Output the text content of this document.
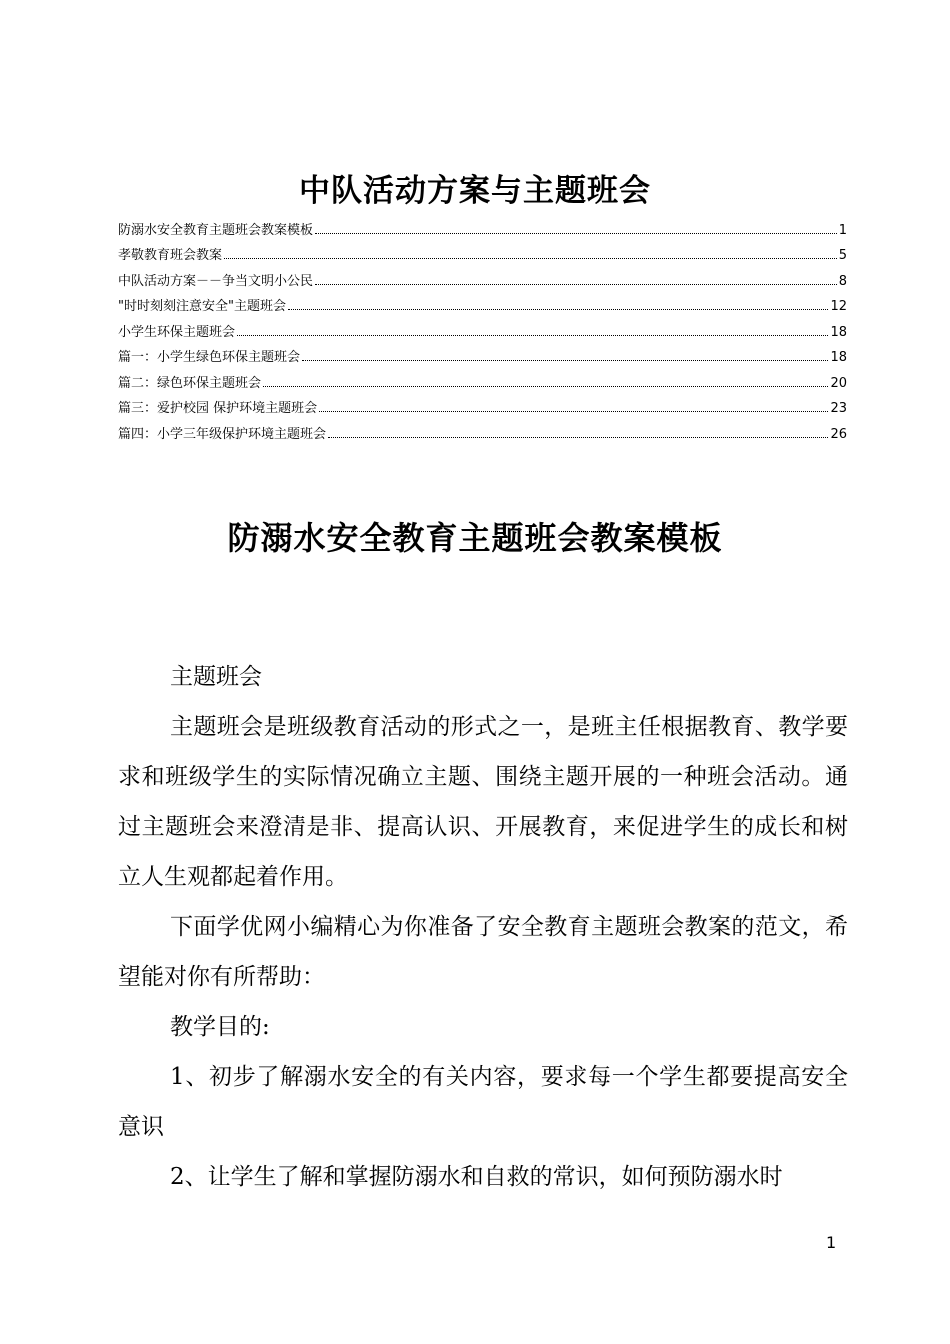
中队活动方案与主题班会
防溺水安全教育主题班会教案模板	1
孝敬教育班会教案	5
中队活动方案－－争当文明小公民	8
"时时刻刻注意安全"主题班会	12
小学生环保主题班会	18
篇一：小学生绿色环保主题班会	18
篇二：绿色环保主题班会	20
篇三：爱护校园 保护环境主题班会	23
篇四：小学三年级保护环境主题班会	26
防溺水安全教育主题班会教案模板

主题班会

主题班会是班级教育活动的形式之一，是班主任根据教育、教学要求和班级学生的实际情况确立主题、围绕主题开展的一种班会活动。通过主题班会来澄清是非、提高认识、开展教育，来促进学生的成长和树立人生观都起着作用。

下面学优网小编精心为你准备了安全教育主题班会教案的范文，希望能对你有所帮助：

教学目的:

1、初步了解溺水安全的有关内容，要求每一个学生都要提高安全意识

2、让学生了解和掌握防溺水和自救的常识，如何预防溺水时

1
